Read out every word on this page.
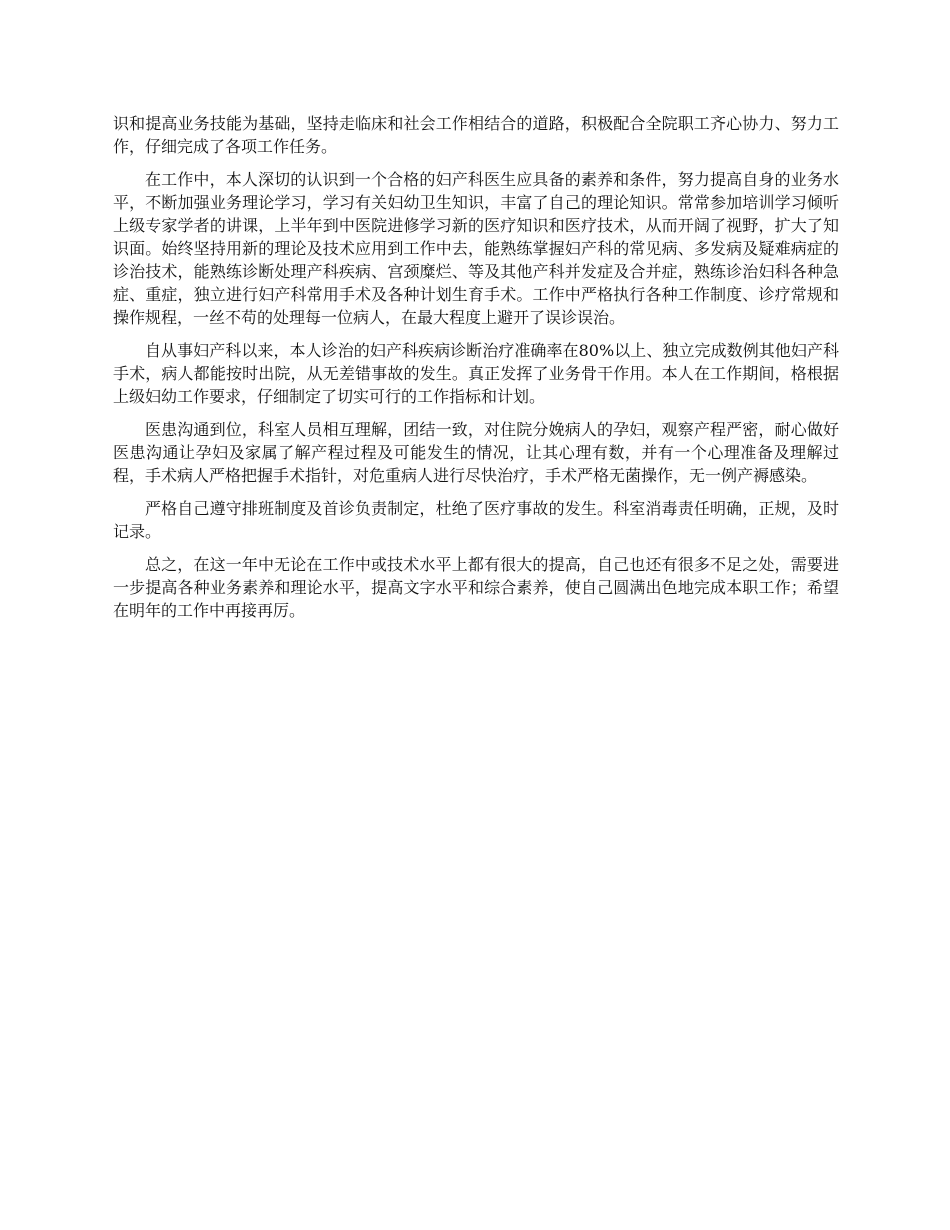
识和提高业务技能为基础，坚持走临床和社会工作相结合的道路，积极配合全院职工齐心协力、努力工作，仔细完成了各项工作任务。

在工作中，本人深切的认识到一个合格的妇产科医生应具备的素养和条件，努力提高自身的业务水平，不断加强业务理论学习，学习有关妇幼卫生知识，丰富了自己的理论知识。常常参加培训学习倾听上级专家学者的讲课，上半年到中医院进修学习新的医疗知识和医疗技术，从而开阔了视野，扩大了知识面。始终坚持用新的理论及技术应用到工作中去，能熟练掌握妇产科的常见病、多发病及疑难病症的诊治技术，能熟练诊断处理产科疾病、宫颈糜烂、等及其他产科并发症及合并症，熟练诊治妇科各种急症、重症，独立进行妇产科常用手术及各种计划生育手术。工作中严格执行各种工作制度、诊疗常规和操作规程，一丝不苟的处理每一位病人，在最大程度上避开了误诊误治。

自从事妇产科以来，本人诊治的妇产科疾病诊断治疗准确率在80%以上、独立完成数例其他妇产科手术，病人都能按时出院，从无差错事故的发生。真正发挥了业务骨干作用。本人在工作期间，格根据上级妇幼工作要求，仔细制定了切实可行的工作指标和计划。

医患沟通到位，科室人员相互理解，团结一致，对住院分娩病人的孕妇，观察产程严密，耐心做好医患沟通让孕妇及家属了解产程过程及可能发生的情况，让其心理有数，并有一个心理准备及理解过程，手术病人严格把握手术指针，对危重病人进行尽快治疗，手术严格无菌操作，无一例产褥感染。

严格自己遵守排班制度及首诊负责制定，杜绝了医疗事故的发生。科室消毒责任明确，正规，及时记录。

总之，在这一年中无论在工作中或技术水平上都有很大的提高，自己也还有很多不足之处，需要进一步提高各种业务素养和理论水平，提高文字水平和综合素养，使自己圆满出色地完成本职工作；希望在明年的工作中再接再厉。
